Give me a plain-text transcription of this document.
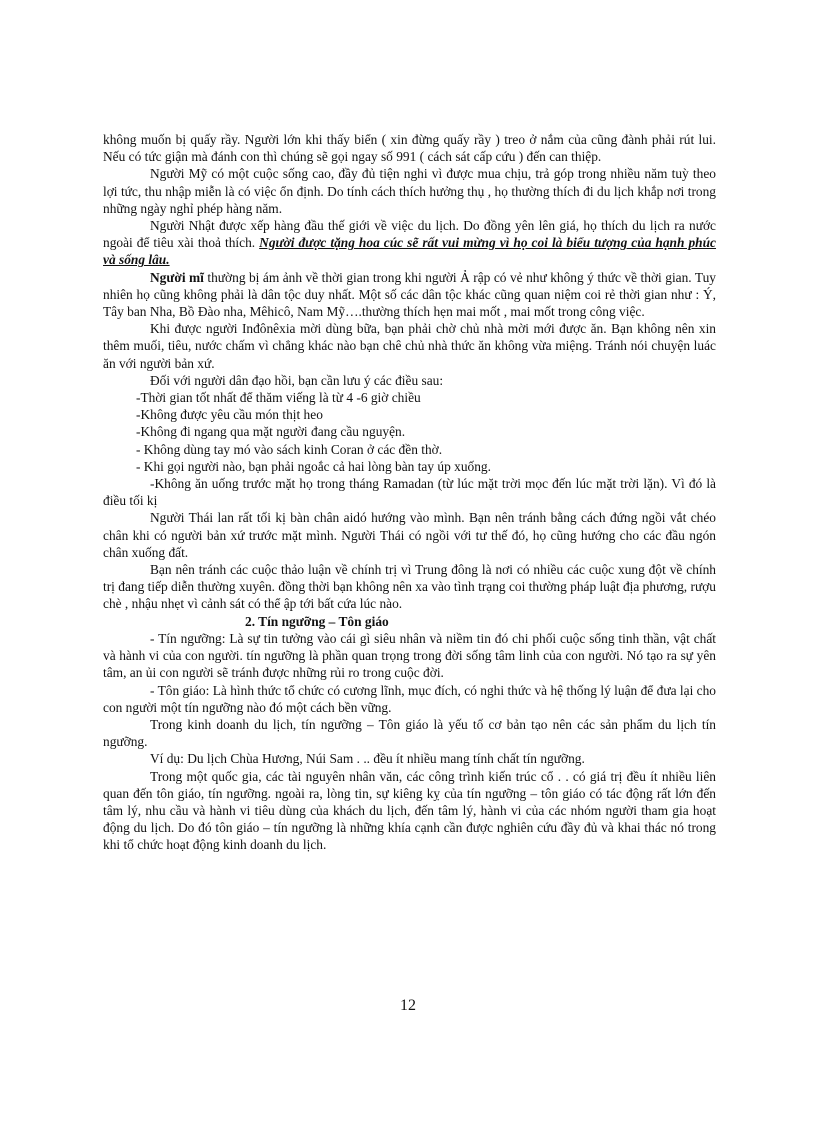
không muốn bị quấy rầy. Người lớn khi thấy biển ( xin đừng quấy rầy ) treo ở nắm của cũng đành phải rút lui. Nếu có tức giận mà đánh con thì chúng sẽ gọi ngay số 991 ( cách sát cấp cứu ) đến can thiệp.

Người Mỹ có một cuộc sống cao, đầy đủ tiện nghi vì được mua chịu, trả góp trong nhiều năm tuỳ theo lợi tức, thu nhập miễn là có việc ổn định. Do tính cách thích hưởng thụ , họ thường thích đi du lịch khắp nơi trong những ngày nghỉ phép hàng năm.

Người Nhật được xếp hàng đầu thế giới về việc du lịch. Do đồng yên lên giá, họ thích du lịch ra nước ngoài để tiêu xài thoả thích. Người được tặng hoa cúc sẽ rất vui mừng vì họ coi là biểu tượng của hạnh phúc và sống lâu.

Người mĩ thường bị ám ảnh về thời gian trong khi người Ả rập có vẻ như không ý thức về thời gian. Tuy nhiên họ cũng không phải là dân tộc duy nhất. Một số các dân tộc khác cũng quan niệm coi rẻ thời gian như : Ý, Tây ban Nha, Bồ Đào nha, Mêhicô, Nam Mỹ….thường thích hẹn mai mốt , mai mốt trong công việc.

Khi được người Inđônêxia mời dùng bữa, bạn phải chờ chủ nhà mời mới được ăn. Bạn không nên xin thêm muối, tiêu, nước chấm vì chẳng khác nào bạn chê chủ nhà thức ăn không vừa miệng. Tránh nói chuyện luác ăn với người bản xứ.

Đối với người dân đạo hồi, bạn cần lưu ý các điều sau:

-Thời gian tốt nhất để thăm viếng là từ 4 -6 giờ chiều

-Không được yêu cầu món thịt heo

-Không đi ngang qua mặt người đang cầu nguyện.

- Không dùng tay mó vào sách kinh Coran ở các đền thờ.

- Khi gọi người nào, bạn phải ngoắc cả hai lòng bàn tay úp xuống.

-Không ăn uống trước mặt họ trong tháng Ramadan (từ lúc mặt trời mọc đến lúc mặt trời lặn). Vì đó là điều tối kị

Người Thái lan rất tối kị bàn chân aidó hướng vào mình. Bạn nên tránh bằng cách đứng ngồi vắt chéo chân khi có người bản xứ trước mặt mình. Người Thái có ngồi với tư thế đó, họ cũng hướng cho các đầu ngón chân xuống đất.

Bạn nên tránh các cuộc thảo luận về chính trị vì Trung đông là nơi có nhiều các cuộc xung đột về chính trị đang tiếp diễn thường xuyên. đồng thời bạn không nên xa vào tình trạng coi thường pháp luật địa phương, rượu chè , nhậu nhẹt vì cảnh sát có thể ập tới bất cứa lúc nào.

2. Tín ngưỡng – Tôn giáo

- Tín ngưỡng: Là sự tin tưởng vào cái gì siêu nhân và niềm tin đó chi phối cuộc sống tinh thần, vật chất và hành vi của con người. tín ngưỡng là phần quan trọng trong đời sống tâm linh của con người. Nó tạo ra sự yên tâm, an ủi con người sẽ tránh được những rủi ro trong cuộc đời.

- Tôn giáo: Là hình thức tổ chức có cương lĩnh, mục đích, có nghi thức và hệ thống lý luận để đưa lại cho con người một tín ngưỡng nào đó một cách bền vững.

Trong kinh doanh du lịch, tín ngưỡng – Tôn giáo là yếu tố cơ bản tạo nên các sản phẩm du lịch tín ngưỡng.

Ví dụ: Du lịch Chùa Hương, Núi Sam . .. đều ít nhiều mang tính chất tín ngưỡng.

Trong một quốc gia, các tài nguyên nhân văn, các công trình kiến trúc cổ . . có giá trị đều ít nhiều liên quan đến tôn giáo, tín ngưỡng. ngoài ra, lòng tin, sự kiêng kỵ của tín ngưỡng – tôn giáo có tác động rất lớn đến tâm lý, nhu cầu và hành vi tiêu dùng của khách du lịch, đến tâm lý, hành vi của các nhóm người tham gia hoạt động du lịch. Do đó tôn giáo – tín ngưỡng là những khía cạnh cần được nghiên cứu đầy đủ và khai thác nó trong khi tổ chức hoạt động kinh doanh du lịch.

12
